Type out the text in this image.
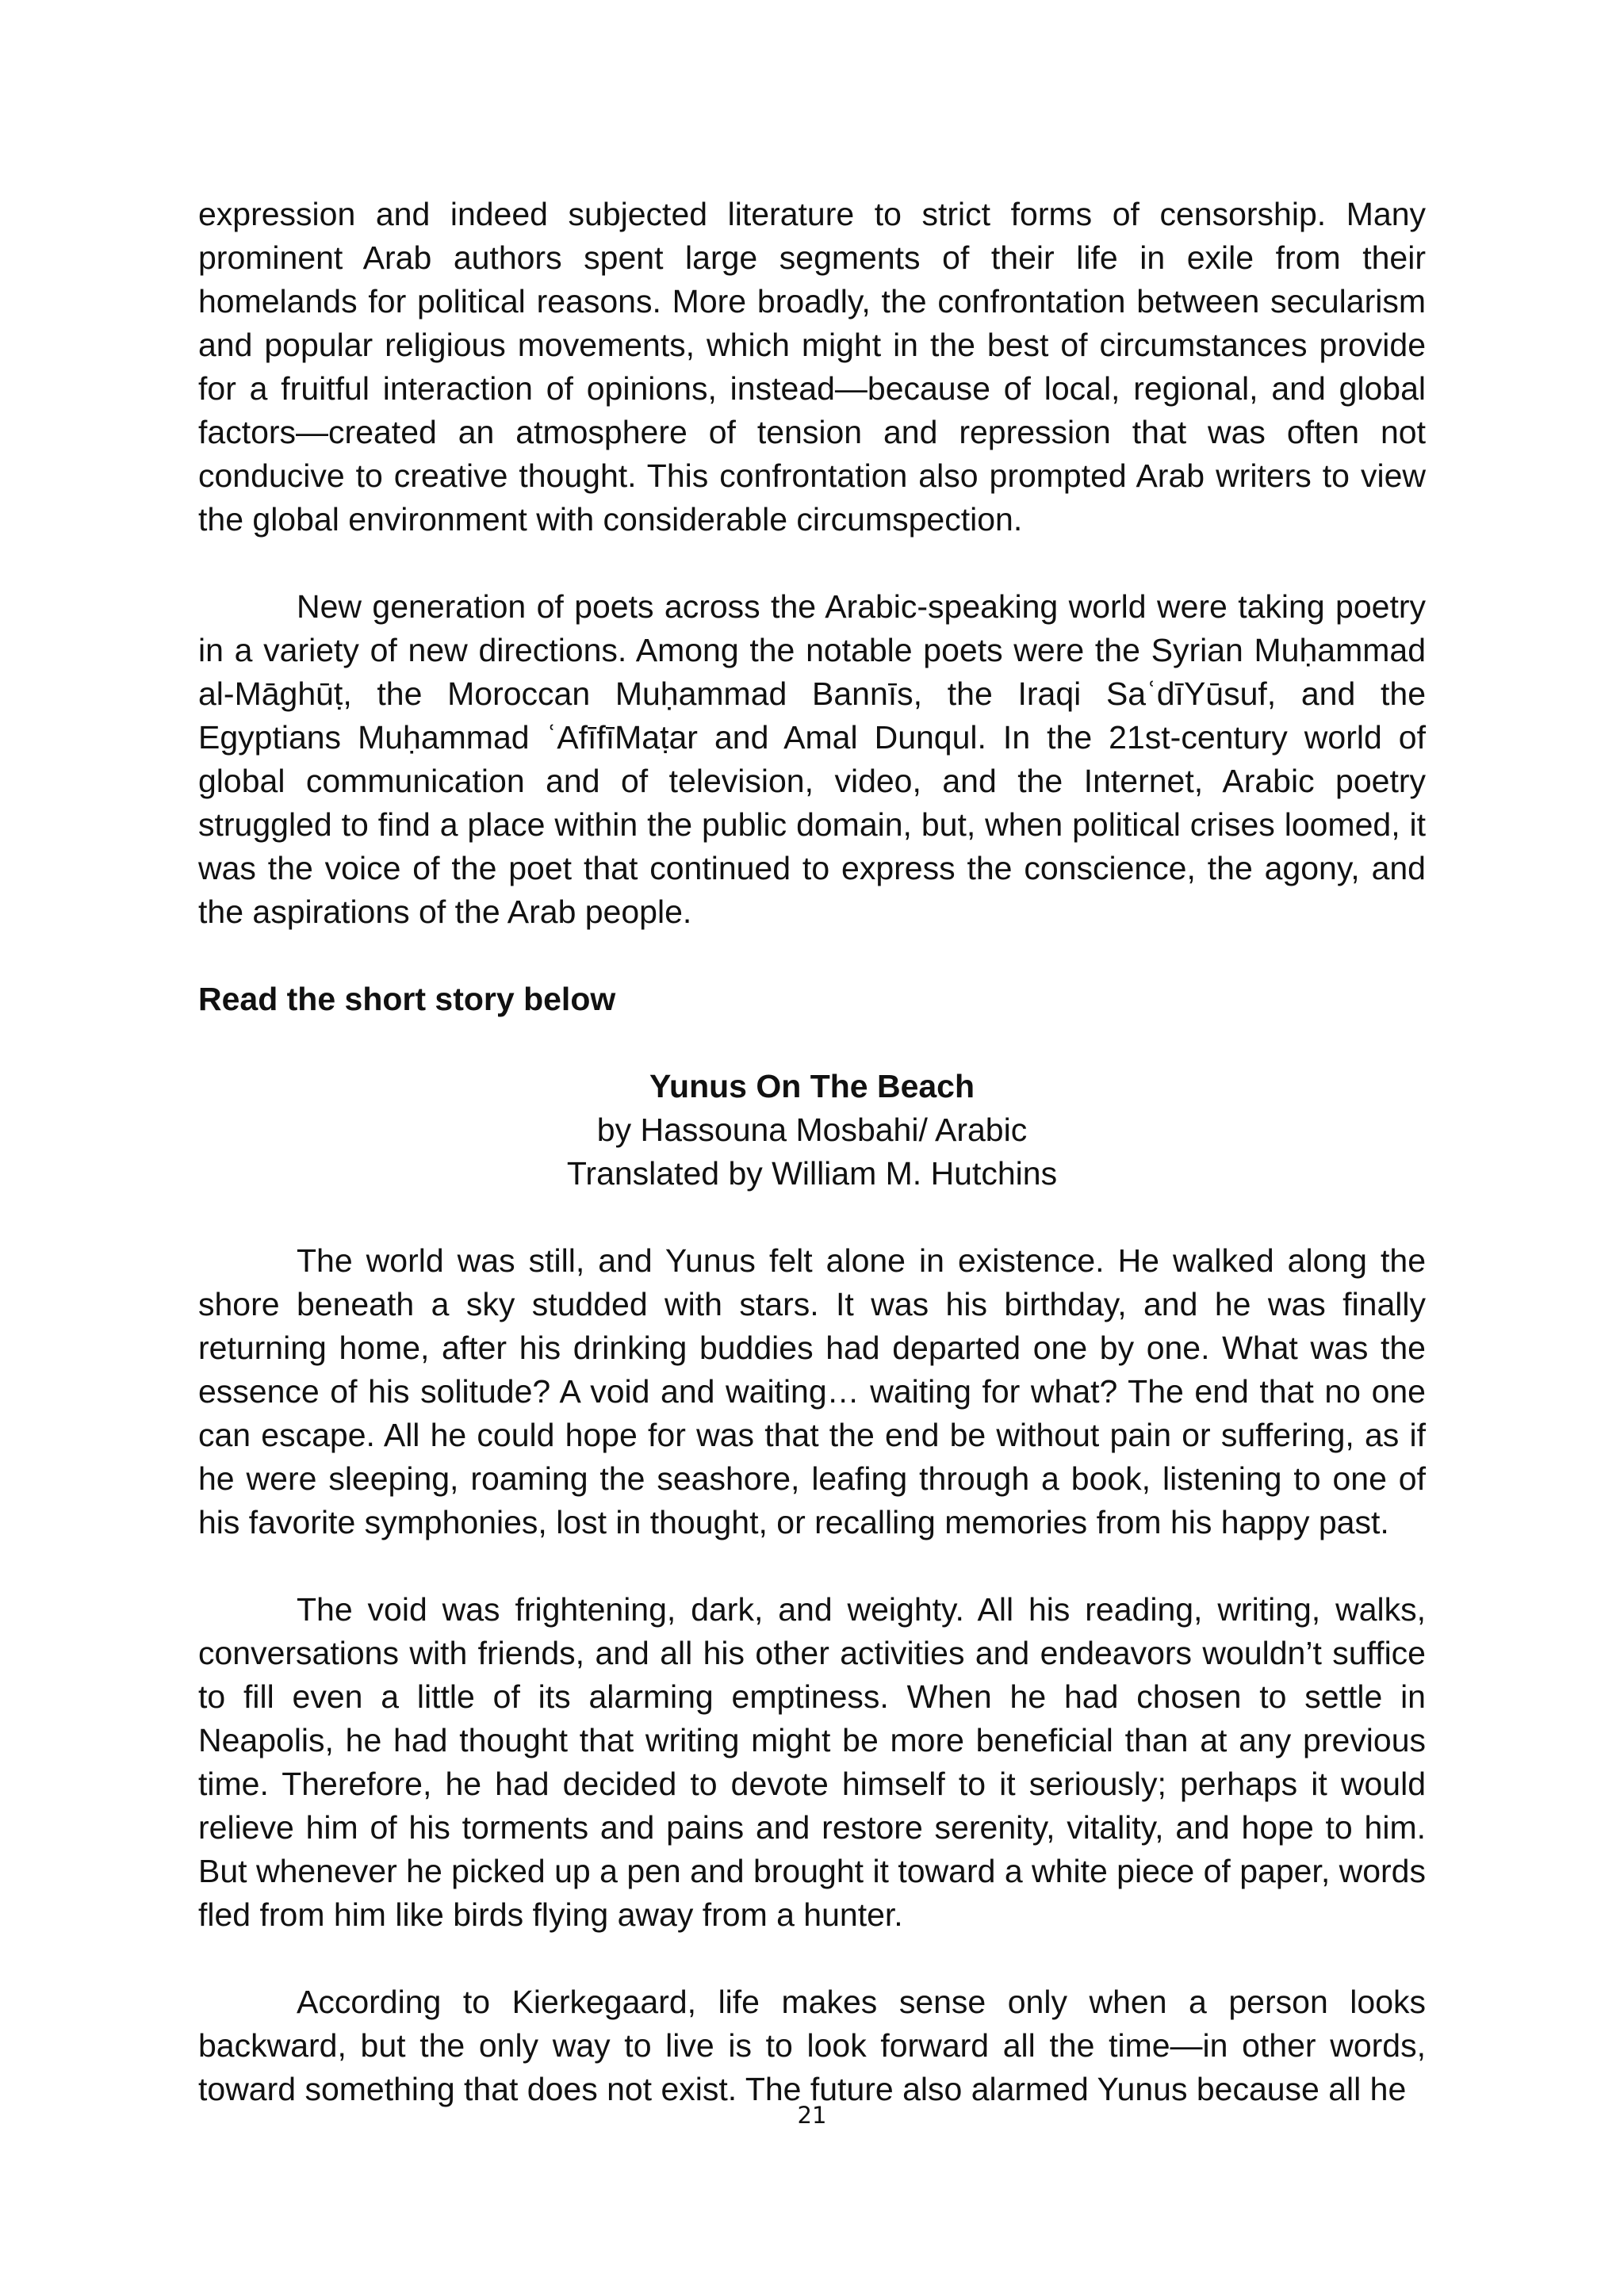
expression and indeed subjected literature to strict forms of censorship. Many prominent Arab authors spent large segments of their life in exile from their homelands for political reasons. More broadly, the confrontation between secularism and popular religious movements, which might in the best of circumstances provide for a fruitful interaction of opinions, instead—because of local, regional, and global factors—created an atmosphere of tension and repression that was often not conducive to creative thought. This confrontation also prompted Arab writers to view the global environment with considerable circumspection.

New generation of poets across the Arabic-speaking world were taking poetry in a variety of new directions. Among the notable poets were the Syrian Muḥammad al-Māghūṭ, the Moroccan Muḥammad Bannīs, the Iraqi SaʿdīYūsuf, and the Egyptians Muḥammad ʿAfīfīMaṭar and Amal Dunqul. In the 21st-century world of global communication and of television, video, and the Internet, Arabic poetry struggled to find a place within the public domain, but, when political crises loomed, it was the voice of the poet that continued to express the conscience, the agony, and the aspirations of the Arab people.

Read the short story below

Yunus On The Beach

by Hassouna Mosbahi/ Arabic

Translated by William M. Hutchins

The world was still, and Yunus felt alone in existence. He walked along the shore beneath a sky studded with stars. It was his birthday, and he was finally returning home, after his drinking buddies had departed one by one. What was the essence of his solitude? A void and waiting… waiting for what? The end that no one can escape. All he could hope for was that the end be without pain or suffering, as if he were sleeping, roaming the seashore, leafing through a book, listening to one of his favorite symphonies, lost in thought, or recalling memories from his happy past.

The void was frightening, dark, and weighty. All his reading, writing, walks, conversations with friends, and all his other activities and endeavors wouldn’t suffice to fill even a little of its alarming emptiness. When he had chosen to settle in Neapolis, he had thought that writing might be more beneficial than at any previous time. Therefore, he had decided to devote himself to it seriously; perhaps it would relieve him of his torments and pains and restore serenity, vitality, and hope to him. But whenever he picked up a pen and brought it toward a white piece of paper, words fled from him like birds flying away from a hunter.

According to Kierkegaard, life makes sense only when a person looks backward, but the only way to live is to look forward all the time—in other words, toward something that does not exist. The future also alarmed Yunus because all he

21
